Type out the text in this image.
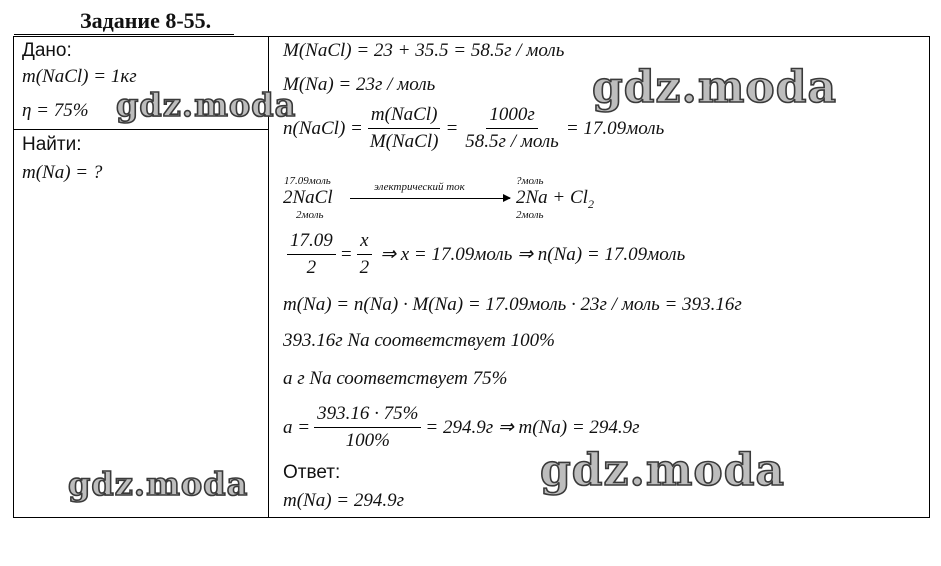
Задание 8-55.
Дано:
m(NaCl) = 1кг
η = 75%
Найти:
m(Na) = ?
M(NaCl) = 23 + 35.5 = 58.5г / моль
M(Na) = 23г / моль
n(NaCl) = $\frac{\text{m(NaCl)}}{\text{M(NaCl)}} = \frac{1000г}{\text{58.5г / моль}}$ = 17.09моль
17.09моль
2NaCl
2моль
электрический ток	?моль
$2Na + Cl_2$
2моль
$\frac{17.09}{2} = \frac{x}{2}$ ⇒ x = 17.09моль ⇒ n(Na) = 17.09моль
m(Na) = n(Na) · M(Na) = 17.09моль · 23г / моль = 393.16г
393.16г Na соответствует 100%
a г Na соответствует 75%
$a = \frac{393.16 \cdot 75\%}{100\%} = 294.9г$ ⇒ m(Na) = 294.9г
Ответ:
m(Na) = 294.9г
gdz.moda	gdz.moda
gdz.moda	gdz.moda
